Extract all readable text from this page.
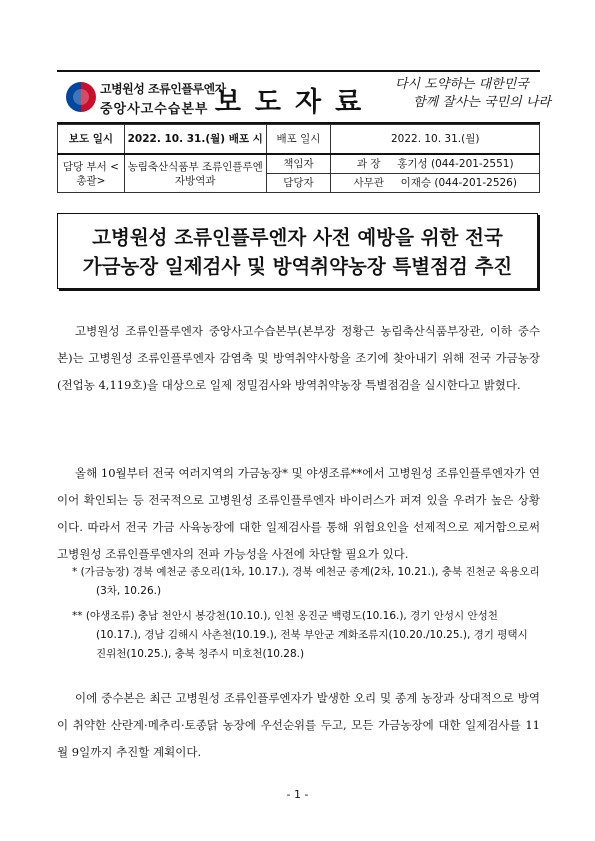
고병원성 조류인플루엔자
중앙사고수습본부 보도자료
다시 도약하는 대한민국
함께 잘사는 국민의 나라
보도 일시	2022. 10. 31.(월) 배포 시	배포 일시	2022. 10. 31.(월)
담당 부서 <총괄>	농림축산식품부 조류인플루엔자방역과	책임자	과 장 홍기성 (044-201-2551)
		담당자	사무관 이재승 (044-201-2526)
고병원성 조류인플루엔자 사전 예방을 위한 전국
가금농장 일제검사 및 방역취약농장 특별점검 추진
고병원성 조류인플루엔자 중앙사고수습본부(본부장 정황근 농림축산식품부장관, 이하 중수본)는 고병원성 조류인플루엔자 감염축 및 방역취약사항을 조기에 찾아내기 위해 전국 가금농장(전업농 4,119호)을 대상으로 일제 정밀검사와 방역취약농장 특별점검을 실시한다고 밝혔다.
올해 10월부터 전국 여러지역의 가금농장* 및 야생조류**에서 고병원성 조류인플루엔자가 연이어 확인되는 등 전국적으로 고병원성 조류인플루엔자 바이러스가 퍼져 있을 우려가 높은 상황이다. 따라서 전국 가금 사육농장에 대한 일제검사를 통해 위험요인을 선제적으로 제거함으로써 고병원성 조류인플루엔자의 전파 가능성을 사전에 차단할 필요가 있다.
* (가금농장) 경북 예천군 종오리(1차, 10.17.), 경북 예천군 종계(2차, 10.21.), 충북 진천군 육용오리(3차, 10.26.)
** (야생조류) 충남 천안시 봉강천(10.10.), 인천 옹진군 백령도(10.16.), 경기 안성시 안성천(10.17.), 경남 김해시 사촌천(10.19.), 전북 부안군 계화조류지(10.20./10.25.), 경기 평택시 진위천(10.25.), 충북 청주시 미호천(10.28.)
이에 중수본은 최근 고병원성 조류인플루엔자가 발생한 오리 및 종계 농장과 상대적으로 방역이 취약한 산란계·메추리·토종닭 농장에 우선순위를 두고, 모든 가금농장에 대한 일제검사를 11월 9일까지 추진할 계획이다.
- 1 -
